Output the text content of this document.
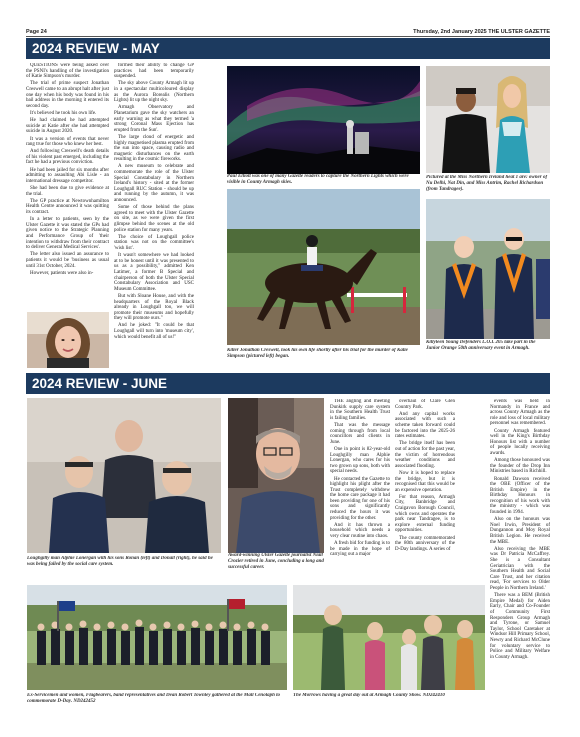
Page 24	Thursday, 2nd January 2025 THE ULSTER GAZETTE
2024 REVIEW - MAY

QUESTIONS were being asked over the PSNI's handling of the investigation of Katie Simpson's murder.

The trial of prime suspect Jonathan Creswell came to an abrupt halt after just one day when his body was found in his bail address in the morning it entered its second day.

It's believed he took his own life.

He had claimed he had attempted suicide at Katie after she had attempted suicide in August 2020.

It was a version of events that never rang true for those who knew her best.

And following Creswell's death details of his violent past emerged, including the fact he had a previous conviction.

He had been jailed for six months after admitting to assaulting Abi Lisle - an international dressage competitor.

She had been due to give evidence at the trial.

The GP practice at Newtownhamilton Health Centre announced it was quitting its contract.

In a letter to patients, seen by the Ulster Gazette it was stated the GPs had given notice to the Strategic Planning and Performance Group of 'their intention to withdraw from their contract to deliver General Medical Services'.

The letter also issued an assurance to patients it would be 'business as usual until 31st October, 2024.

However, patients were also in-

formed their ability to change GP practices had been temporarily suspended.

The sky above County Armagh lit up in a spectacular multicoloured display as the Aurora Borealis (Northern Lights) lit up the night sky.

Armagh Observatory and Planetarium gave the sky watchers an early warning as what they termed 'a strong Coronal Mass Ejection has erupted from the Sun'.

The large cloud of energetic and highly magnetised plasma erupted from the sun into space, causing radio and magnetic disturbances on the earth resulting in the cosmic fireworks.

A new museum to celebrate and commemorate the role of the Ulster Special Constabulary in Northern Ireland's history - sited at the former Loughgall RUC Station - should be up and running by the autumn, it was announced.

Some of those behind the plans agreed to meet with the Ulster Gazette on site, as we were given the first glimpse behind the scenes at the old police station for many years.

The choice of Loughgall police station was not on the committee's 'wish list'.

It wasn't somewhere we had looked at to be honest until it was presented to us as a possibility," admitted Ken Latimer, a former B Special and chairperson of both the Ulster Special Constabulary Association and USC Museum Committee.

But with Sloane House, and with the headquarters of the Royal Black already in Loughgall too, we will promote their museums and hopefully they will promote ours."

And he joked: "It could be that Loughgall will turn into 'museum city', which would benefit all of us!"

Paul Elliott was one of many Gazette readers to capture the Northern Lights which were visible in County Armagh skies.
Pictured at the Miss Northern Ireland heat 1 are: owner of Nu Delhi, Nat Din, and Miss Antrim, Rachel Richardson (from Tandragee).
Killer Jonathan Creswell, took his own life shortly after his trial for the murder of Katie Simpson (pictured left) began.
Killyleen Young Defenders L.O.L 205 take part in the Junior Orange 50th anniversary event in Armagh.
2024 REVIEW - JUNE
Loughgilly man Alphie Lonergan with his sons Ronan (left) and Donall (right), he said he was being failed by the social care system.
Award-winning Ulster Gazette journalist Niall Crozier retired in June, concluding a long and successful career.

THE angling and meeting Dunkirk supply care system in the Southern Health Trust is failing families.

That was the message coming through from local councillors and clients in June.

One in point is 82-year-old Loughgilly man Alphie Lonergan, who cares for his two grown up sons, both with special needs.

He contacted the Gazette to highlight his plight after the Trust completely withdrew the home care package it had been providing for one of his sons and significantly reduced the hours it was providing for the other.

And it has thrown a household which needs a very clear routine into chaos.

A fresh bid for funding is to be made in the hope of carrying out a major

overhaul of Clare Glen Country Park.

And any capital works associated with such a scheme taken forward could be factored into the 2025-26 rates estimates.

The bridge itself has been out of action for the past year, the victim of horrendous weather conditions and associated flooding.

Now it is hoped to replace the bridge, but it is recognised that this would be an expensive operation.

For that reason, Armagh City, Banbridge and Craigavon Borough Council, which owns and operates the park near Tandragee, is to explore external funding opportunities.

The county commemorated the 80th anniversary of the D-Day landings. A series of

events was held in Normandy in France and across County Armagh as the role and loss of local military personnel was remembered.

County Armagh featured well in the King's Birthday Honours list with a number of people locally receiving awards.

Among those honoured was the founder of the Drop Inn Ministries based in Richhill.

Ronald Dawson received the OBE (Officer of the British Empire) in the Birthday Honours in recognition of his work with the ministry - which was founded in 1994.

Also on the honours was Noel Irwin, President of Dungannon and Moy Royal British Legion. He received the MBE.

Also receiving the MBE was Dr Patricia McCaffrey. She is a Consultant Geriatrician with the Southern Health and Social Care Trust, and her citation read, 'For services to Older People in Northern Ireland.'

There was a BEM (British Empire Medal) for Aiden Early, Chair and Co-Founder of Community First Responders Group Armagh and Tyrone, or Samuel Taylor, School Caretaker at Windsor Hill Primary School, Newry and Richard McClune for voluntary service to Police and Military Welfare in County Armagh.

Ex-Servicemen and women, Flagbearers, band representatives and Dean Robert Townley gathered at the Mall Cenotaph to commemorate D-Day. ND242452
The Morrows having a great day out at Armagh County Show. ND242410
